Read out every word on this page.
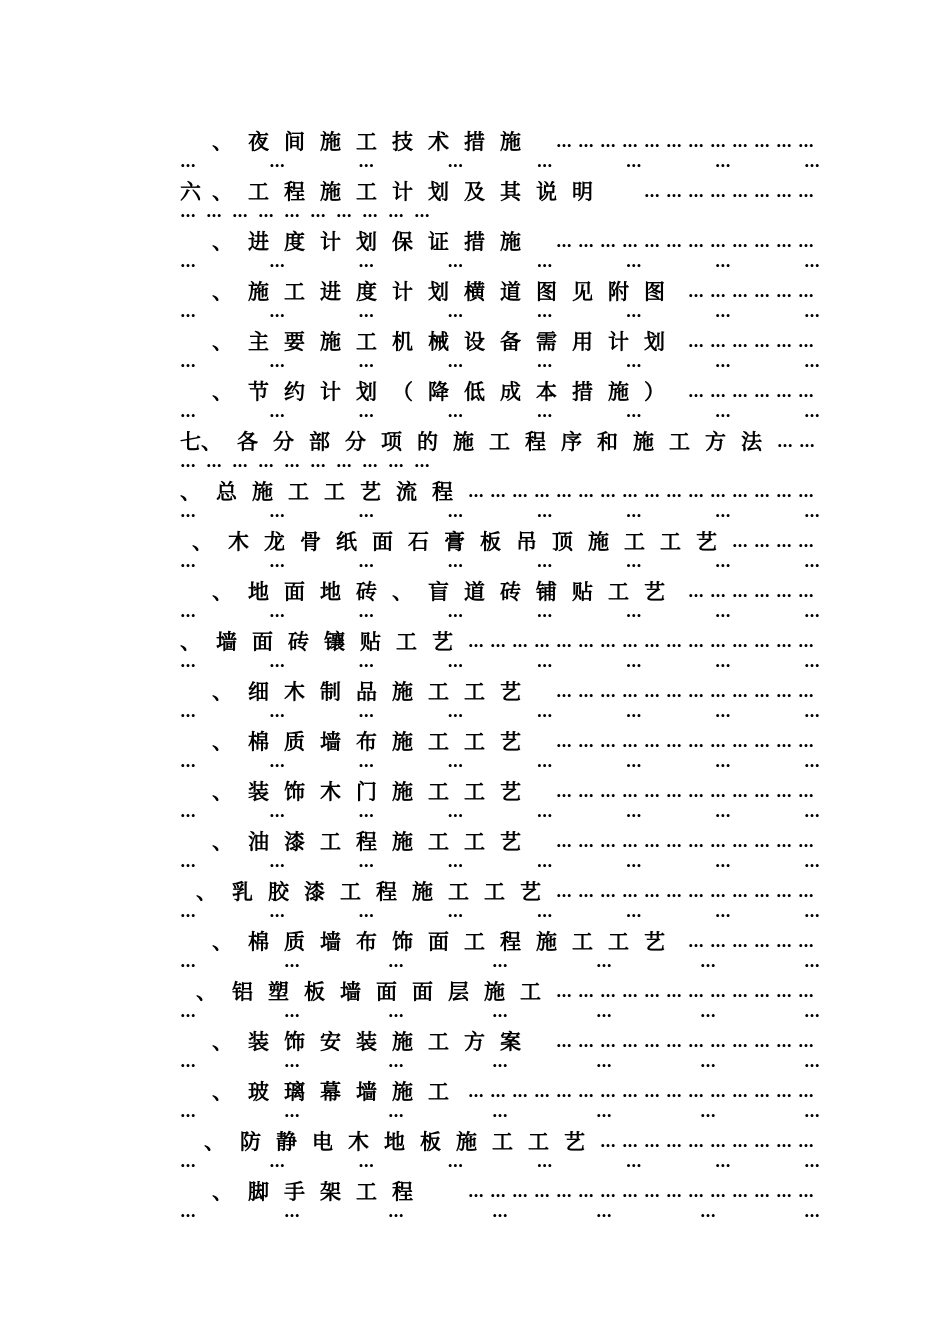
、夜间施工技术措施	………………………………
…	…	…	…	…	…	…	…
六 、工程施工计划及其说明	……………………
… … … … … … … … … …
、进度计划保证措施	………………………………
…	…	…	…	…	…	…	…
、施工进度计划横道图见附图 ………………
…	…	…	…	…	…	…	…
、主要施工机械设备需用计划 ………………
…	…	…	…	…	…	…	…
、节约计划（降低成本措施） ………………
…	…	…	…	…	…	…	…
七 、各分部分项的施工程序和施工方法 ……
… … … … … … … … … …
、总施工工艺流程 …………………………………………
…	…	…	…	…	…	…	…
、木龙骨纸面石膏板吊顶施工工艺 …………
…	…	…	…	…	…	…	…
、地面地砖、盲道砖铺贴工艺 ………………
…	…	…	…	…	…	…	…
、墙面砖镶贴工艺 …………………………………………
…	…	…	…	…	…	…	…
、细木制品施工工艺	………………………………
…	…	…	…	…	…	…	…
、棉质墙布施工工艺	………………………………
…	…	…	…	…	…	…	…
、装饰木门施工工艺	………………………………
…	…	…	…	…	…	…	…
、油漆工程施工工艺	………………………………
…	…	…	…	…	…	…	…
、乳胶漆工程施工工艺 ………………………………
…	…	…	…	…	…	…	…
、棉质墙布饰面工程施工工艺 ………………
…	…	…	…	…	…	…
、铝塑板墙面面层施工 ………………………………
…	…	…	…	…	…	…
、装饰安装施工方案	………………………………
…	…	…	…	…	…	…
、玻璃幕墙施工 …………………………………………
…	…	…	…	…	…	…
、防静电木地板施工工艺 …………………………
…	…	…	…	…	…	…	…
、脚手架工程	…………………………………………
…	…	…	…	…	…	…
